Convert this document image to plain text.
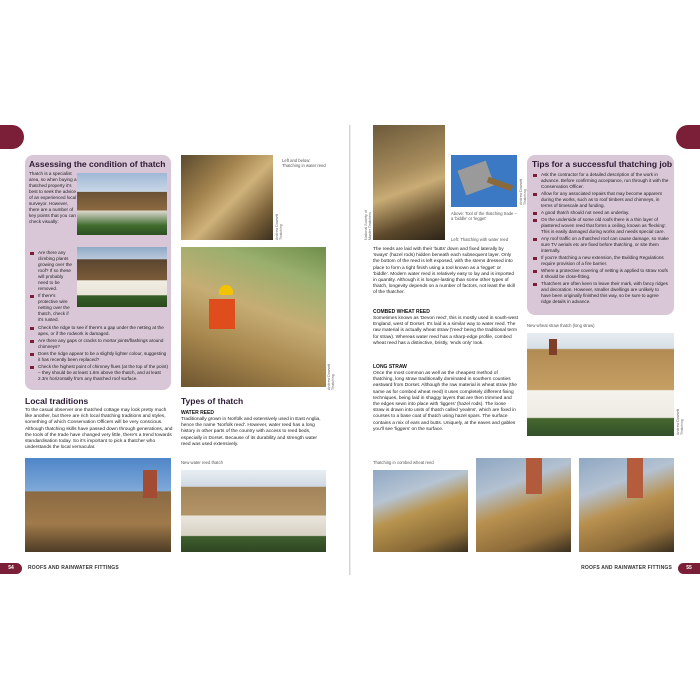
Assessing the condition of thatch
Thatch is a specialist area, so when buying a thatched property it's best to seek the advice of an experienced local surveyor. However, there are a number of key points that you can check visually:
Are there any climbing plants growing over the roof? If so these will probably need to be removed.
If there's protective wire netting over the thatch, check if it's rusted.
Check the ridge to see if there's a gap under the netting at the apex, or if the rodwork is damaged.
Are there any gaps or cracks to mortar joints/flashings around chimneys?
Does the ridge appear to be a slightly lighter colour, suggesting it has recently been replaced?
Check the highest point of chimney flues (at the top of the point) – they should be at least 1.8m above the thatch, and at least 2.3m horizontally from any thatched roof surface.
Left and below: Thatching in water reed
Andrew Dowsett Thatching
Andrew Dowsett Thatching
Local traditions
To the casual observer one thatched cottage may look pretty much like another, but there are rich local thatching traditions and styles, something of which Conservation Officers will be very conscious. Although thatching skills have passed down through generations, and the tools of the trade have changed very little, there's a trend towards standardisation today. So it's important to pick a thatcher who understands the local vernacular.
Types of thatch
WATER REED
Traditionally grown in Norfolk and extensively used in East Anglia, hence the name 'Norfolk reed'. However, water reed has a long history in other parts of the country with access to reed beds, especially in Dorset. Because of its durability and strength water reed was used extensively.
New water reed thatch
54	ROOFS AND RAINWATER FITTINGS
National Society of Master Thatchers
Andrew Dowsett Thatching
Above: Tool of the thatching trade – a 'biddle' or 'legget'
Left: Thatching with water reed
The reeds are laid with their 'butts' down and fixed laterally by 'sways' (hazel rods) hidden beneath each subsequent layer. Only the bottom of the reed is left exposed, with the stems dressed into place to form a tight finish using a tool known as a 'legget' or 'biddle'. Modern water reed is relatively easy to lay and is imported in quantity. Although it is longer-lasting than some other types of thatch, longevity depends on a number of factors, not least the skill of the thatcher.
COMBED WHEAT REED
Sometimes known as 'Devon reed', this is mostly used in south-west England, west of Dorset. It's laid is a similar way to water reed. The raw material is actually wheat straw ('reed' being the traditional term for straw). Whereas water reed has a sharp-edge profile, combed wheat reed has a distinctive, bristly, 'ends only' look.
LONG STRAW
Once the most common as well as the cheapest method of thatching, long straw traditionally dominated in southern counties eastward from Dorset. Although the raw material is wheat straw (the same as for combed wheat reed) it uses completely different fixing techniques, being laid in shaggy layers that are then trimmed and the edges sewn into place with 'liggers' (hazel rods). The loose straw is drawn into units of thatch called 'yealms', which are fixed in courses to a base coat of thatch using hazel spars. The surface contains a mix of ears and butts. Uniquely, at the eaves and gables you'll see 'liggers' on the surface.
Tips for a successful thatching job
Ask the contractor for a detailed description of the work in advance. Before confirming acceptance, run through it with the Conservation Officer.
Allow for any associated repairs that may become apparent during the works, such as to roof timbers and chimneys, in terms of timescale and funding.
A good thatch should not need an underlay.
On the underside of some old roofs there is a thin layer of plastered woven reed that forms a ceiling, known as 'flecking'. This is easily damaged during works and needs special care.
Any roof traffic on a thatched roof can cause damage, so make sure TV aerials etc are fixed before thatching, or site them internally.
If you're thatching a new extension, the Building Regulations require provision of a fire barrier.
Where a protective covering of netting is applied to straw roofs it should be close-fitting.
Thatchers are often keen to leave their mark, with fancy ridges and decoration. However, smaller dwellings are unlikely to have been originally finished this way, so be sure to agree ridge details in advance.
New wheat straw thatch (long straw)
Andrew Dowsett Thatching
Thatching in combed wheat reed
ROOFS AND RAINWATER FITTINGS	55
